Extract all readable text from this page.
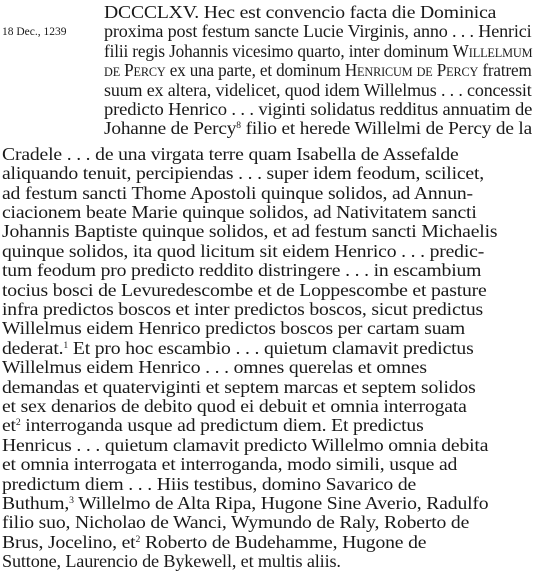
18 Dec., 1239
DCCCLXV. Hec est convencio facta die Dominica
proxima post festum sancte Lucie Virginis, anno . . . Henrici
filii regis Johannis vicesimo quarto, inter dominum Willelmum
de Percy ex una parte, et dominum Henricum de Percy fratrem
suum ex altera, videlicet, quod idem Willelmus . . . concessit
predicto Henrico . . . viginti solidatus redditus annuatim de
Johanne de Percy$^8$ filio et herede Willelmi de Percy de la
Cradele . . . de una virgata terre quam Isabella de Assefalde
aliquando tenuit, percipiendas . . . super idem feodum, scilicet,
ad festum sancti Thome Apostoli quinque solidos, ad Annun-
ciacionem beate Marie quinque solidos, ad Nativitatem sancti
Johannis Baptiste quinque solidos, et ad festum sancti Michaelis
quinque solidos, ita quod licitum sit eidem Henrico . . . predic-
tum feodum pro predicto reddito distringere . . . in escambium
tocius bosci de Levuredescombe et de Loppescombe et pasture
infra predictos boscos et inter predictos boscos, sicut predictus
Willelmus eidem Henrico predictos boscos per cartam suam
dederat.$^1$ Et pro hoc escambio . . . quietum clamavit predictus
Willelmus eidem Henrico . . . omnes querelas et omnes
demandas et quaterviginti et septem marcas et septem solidos
et sex denarios de debito quod ei debuit et omnia interrogata
$et^2$ interroganda usque ad predictum diem. Et predictus
Henricus . . . quietum clamavit predicto Willelmo omnia debita
et omnia interrogata et interroganda, modo simili, usque ad
predictum diem . . . Hiis testibus, domino Savarico de
Buthum,$^3$ Willelmo de Alta Ripa, Hugone Sine Averio, Radulfo
filio suo, Nicholao de Wanci, Wymundo de Raly, Roberto de
Brus, Jocelino, $et^2$ Roberto de Budehamme, Hugone de
Suttone, Laurencio de Bykewell, et multis aliis.
